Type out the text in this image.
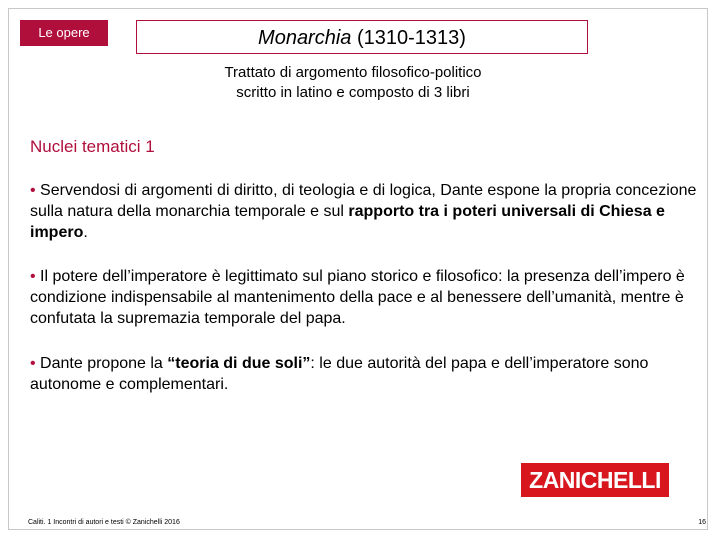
Le opere	Monarchia (1310-1313)
Trattato di argomento filosofico-politico
scritto in latino e composto di 3 libri
Nuclei tematici 1
• Servendosi di argomenti di diritto, di teologia e di logica, Dante espone la propria concezione sulla natura della monarchia temporale e sul rapporto tra i poteri universali di Chiesa e impero.
• Il potere dell’imperatore è legittimato sul piano storico e filosofico: la presenza dell’impero è condizione indispensabile al mantenimento della pace e al benessere dell’umanità, mentre è confutata la supremazia temporale del papa.
• Dante propone la “teoria di due soli”: le due autorità del papa e dell’imperatore sono autonome e complementari.
ZANICHELLI
Caliti. 1 Incontri di autori e testi © Zanichelli 2016	16
